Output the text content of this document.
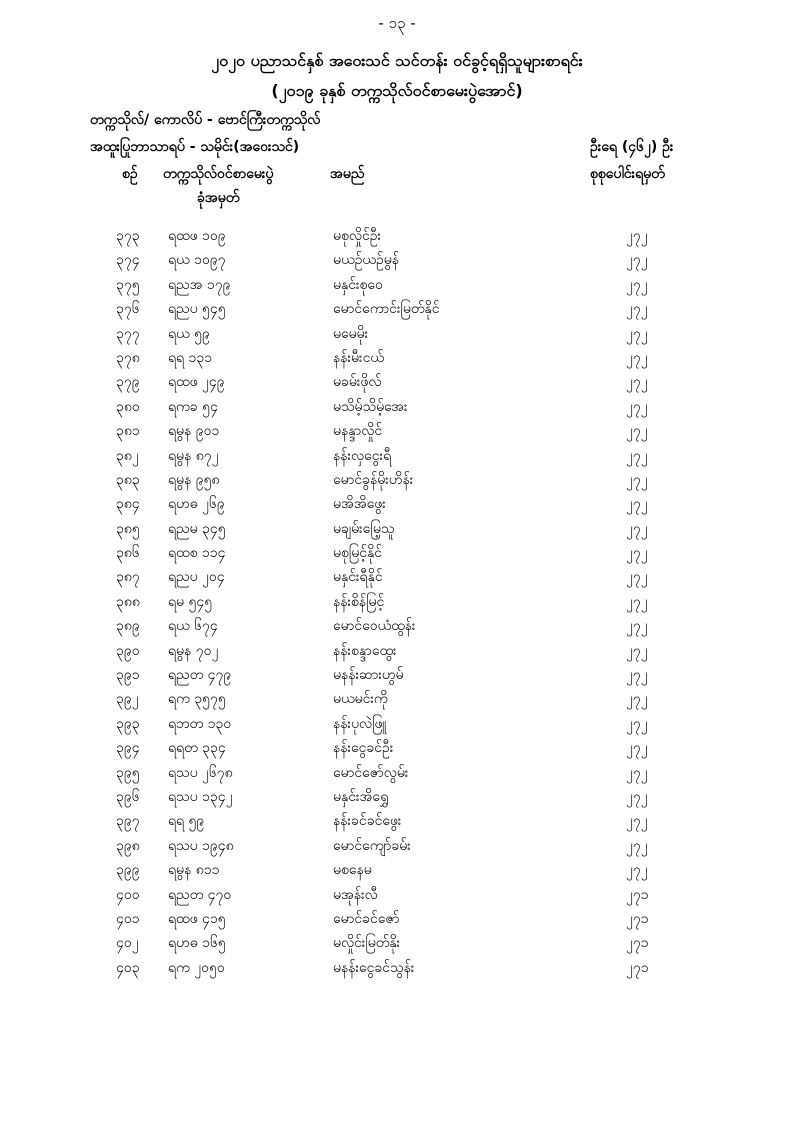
- ၁၃ -
၂၀၂၀ ပညာသင်နှစ် အဝေးသင် သင်တန်း ဝင်ခွင့်ရရှိသူများစာရင်း
(၂၀၁၉ ခုနှစ် တက္ကသိုလ်ဝင်စာမေးပွဲအောင်)
တက္ကသိုလ်/ ကောလိပ် - ဗောင်ကြီးတက္ကသိုလ်
အထူးပြုဘာသာရပ် - သမိုင်း(အဝေးသင်)	ဦးရေ (၄၆၂) ဦး
စဉ် တက္ကသိုလ်ဝင်စာမေးပွဲ
ခုံအမှတ်
အမည်	စုစုပေါင်းရမှတ်
၃၇၃ ရထဖ ၁၀၉	မစုလှိုင်ဦး	၂၇၂
၃၇၄ ရယ ၁၀၉၇	မယဉ်ယဉ်မွန်	၂၇၂
၃၇၅ ရညအ ၁၇၉	မနှင်းစုဝေ	၂၇၂
၃၇၆ ရညပ ၅၄၅	မောင်ကောင်းမြတ်နိုင်	၂၇၂
၃၇၇ ရယ ၅၉	မမေမိုး	၂၇၂
၃၇၈ ရရ ၁၃၁	နန်းမီးငယ်	၂၇၂
၃၇၉ ရထဖ ၂၄၉	မခမ်းဖိုလ်	၂၇၂
၃၈၀ ရကခ ၅၄	မသိမ့်သိမ့်အေး	၂၇၂
၃၈၁ ရမွန ၉၀၁	မနန္ဒာလှိုင်	၂၇၂
၃၈၂ ရမွန ၈၇၂	နန်းလှငွေးရီ	၂၇၂
၃၈၃ ရမွန ၉၅၈	မောင်ခွန်မိုးဟိန်း	၂၇၂
၃၈၄ ရဟဓ ၂၆၉	မအိအိဖွေး	၂၇၂
၃၈၅ ရညမ ၃၄၅	မချမ်းမြေ့သူ	၂၇၂
၃၈၆ ရထစ ၁၁၄	မစုမြင့်နိုင်	၂၇၂
၃၈၇ ရညပ ၂၀၄	မနှင်းရီနိုင်	၂၇၂
၃၈၈ ရမ ၅၄၅	နန်းစိန်မြင့်	၂၇၂
၃၈၉ ရယ ၆၇၄	မောင်ဝေယံထွန်း	၂၇၂
၃၉၀ ရမွန ၇၀၂	နန်းစန္ဒာထွေး	၂၇၂
၃၉၁ ရညတ ၄၇၉	မနန်းဆားဟွမ်	၂၇၂
၃၉၂ ရက ၃၅၇၅	မယမင်းကို	၂၇၂
၃၉၃ ရဘတ ၁၃၀	နန်းပုလဲဖြူ	၂၇၂
၃၉၄ ရရတ ၃၃၄	နန်းငွေခင်ဦး	၂၇၂
၃၉၅ ရသပ ၂၆၇၈	မောင်ဇော်လွမ်း	၂၇၂
၃၉၆ ရသပ ၁၃၄၂	မနှင်းအိရွှေ	၂၇၂
၃၉၇ ရရ ၅၉	နန်းခင်ခင်ဖွေး	၂၇၂
၃၉၈ ရသပ ၁၉၄၈	မောင်ကျော်ခမ်း	၂၇၂
၃၉၉ ရမွန ၈၁၁	မစနေမ	၂၇၂
၄၀၀ ရညတ ၄၇၀	မအုန်းလီ	၂၇၁
၄၀၁ ရထဖ ၄၁၅	မောင်ခင်ဇော်	၂၇၁
၄၀၂ ရဟဓ ၁၆၅	မလှိုင်းမြတ်နိုး	၂၇၁
၄၀၃ ရက ၂၀၅၀	မနန်းငွေခင်သွန်း	၂၇၁
